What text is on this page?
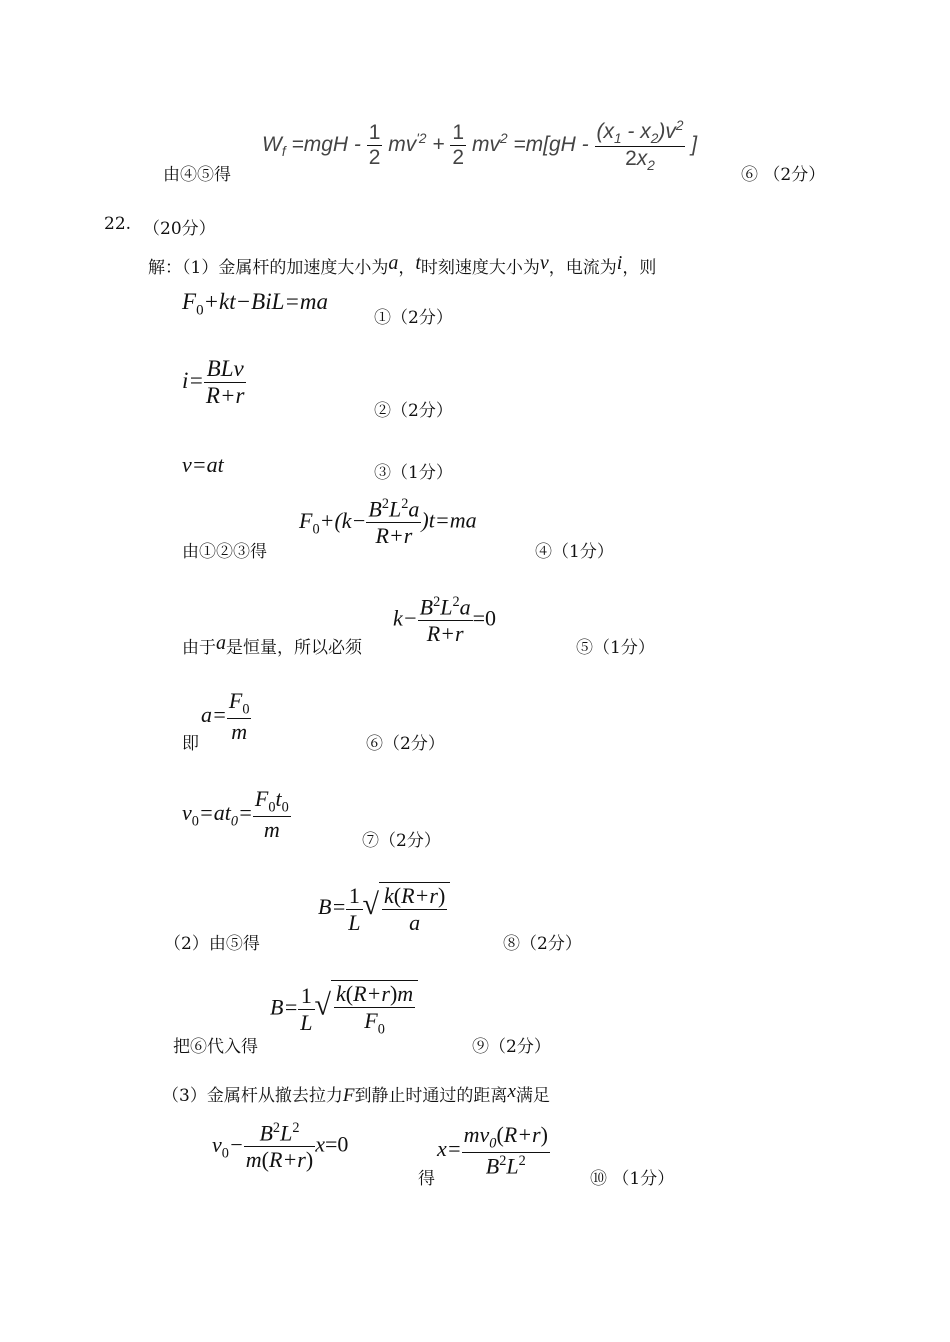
由④⑤得
$W_f =mgH - \frac{1}{2} mv^{'2} + \frac{1}{2} mv^2 =m[gH - \frac{(x_1 - x_2)v^2}{2x_2}$ ]
⑥ （2分）
22. （20分）
解：（1）金属杆的加速度大小为a，t时刻速度大小为v，电流为i，则
$F_0+kt-BiL=ma$
①（2分）
$i= \frac{\text{BLv}}{R+r}$
②（2分）
v=at	③（1分）
由①②③得
$F_0+(k- \frac{B^2L^2a}{R+r} )t=ma$
④（1分）
由于a是恒量，所以必须
$k- \frac{B^2L^2a}{R+r} =0$
⑤（1分）
即
$a= \frac{F_0}{m}$	⑥（2分）
$v_0=at_0= \frac{F_0t_0}{m}$	⑦（2分）
（2）由⑤得
$B= \frac{1}{L}$ √ $\frac{k(R+r)}{a}$
⑧（2分）
把⑥代入得
$B= \frac{1}{L}$ √ $\frac{k(R+r)m}{F_0}$
⑨（2分）
（3）金属杆从撤去拉力F到静止时通过的距离x满足
$v_0- \frac{B^2L^2}{m(R+r)} x=0$
得
$x= \frac{mv_0(R+r)}{B^2L^2}$ ⑩ （1分）
